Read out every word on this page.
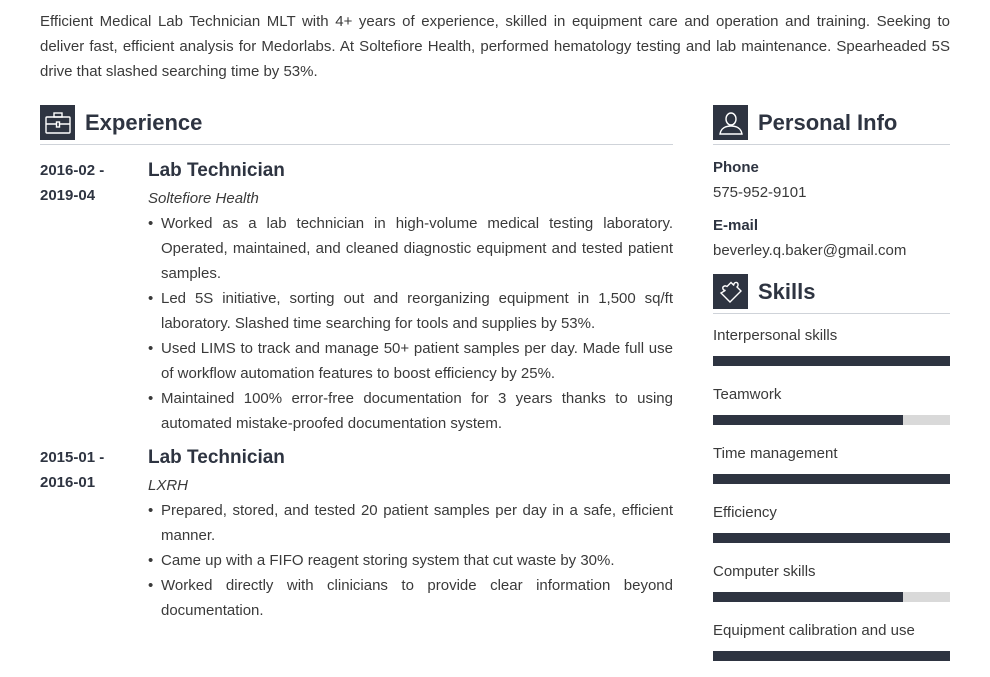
Efficient Medical Lab Technician MLT with 4+ years of experience, skilled in equipment care and operation and training. Seeking to deliver fast, efficient analysis for Medorlabs. At Soltefiore Health, performed hematology testing and lab maintenance. Spearheaded 5S drive that slashed searching time by 53%.

Experience
2016-02 -
2019-04
Lab Technician
Soltefiore Health
• Worked as a lab technician in high-volume medical testing laboratory. Operated, maintained, and cleaned diagnostic equipment and tested patient samples.
• Led 5S initiative, sorting out and reorganizing equipment in 1,500 sq/ft laboratory. Slashed time searching for tools and supplies by 53%.
• Used LIMS to track and manage 50+ patient samples per day. Made full use of workflow automation features to boost efficiency by 25%.
• Maintained 100% error-free documentation for 3 years thanks to using automated mistake-proofed documentation system.
2015-01 -
2016-01
Lab Technician
LXRH
• Prepared, stored, and tested 20 patient samples per day in a safe, efficient manner.
• Came up with a FIFO reagent storing system that cut waste by 30%.
• Worked directly with clinicians to provide clear information beyond documentation.
Personal Info
Phone
575-952-9101
E-mail
beverley.q.baker@gmail.com
Skills
Interpersonal skills
Teamwork
Time management
Efficiency
Computer skills
Equipment calibration and use
